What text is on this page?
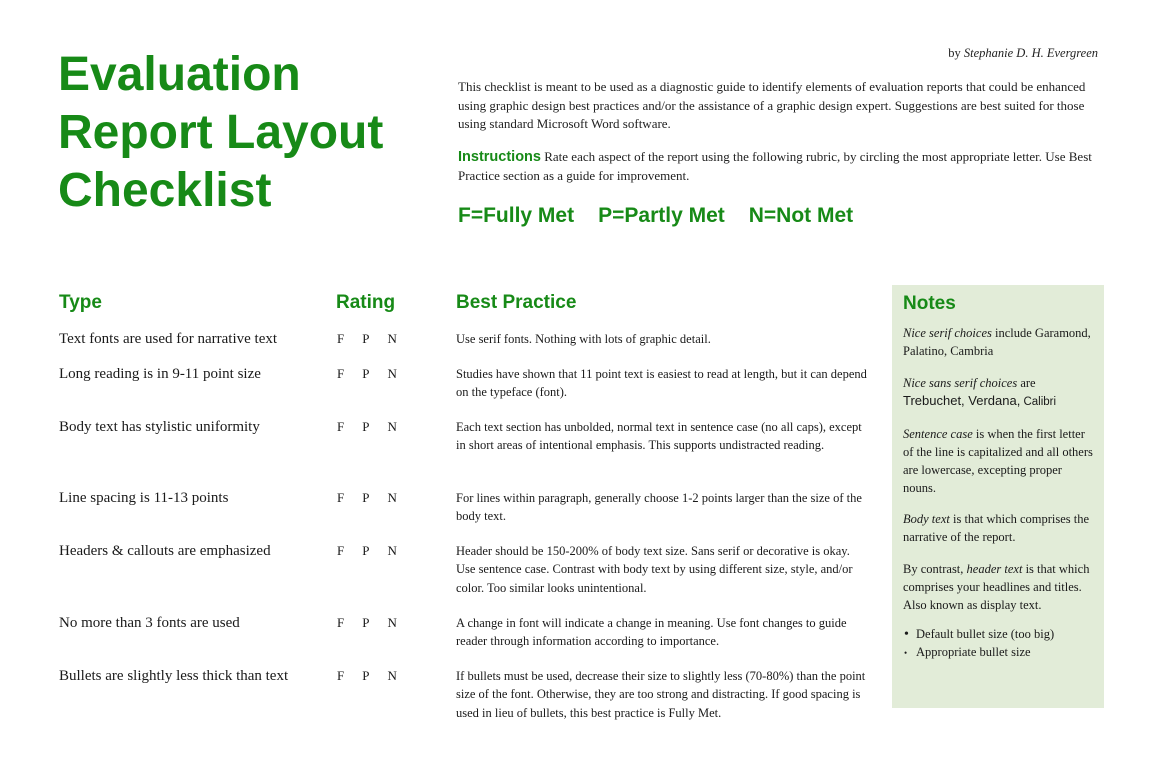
Evaluation
Report Layout
Checklist
by Stephanie D. H. Evergreen
This checklist is meant to be used as a diagnostic guide to identify elements of evaluation reports that could be enhanced using graphic design best practices and/or the assistance of a graphic design expert. Suggestions are best suited for those using standard Microsoft Word software.
Instructions Rate each aspect of the report using the following rubric, by circling the most appropriate letter. Use Best Practice section as a guide for improvement.
F=Fully Met P=Partly Met N=Not Met
Type	Rating	Best Practice
Text fonts are used for narrative text	F P N	Use serif fonts. Nothing with lots of graphic detail.
Long reading is in 9-11 point size	F P N	Studies have shown that 11 point text is easiest to read at length, but it can depend on the typeface (font).
Body text has stylistic uniformity	F P N	Each text section has unbolded, normal text in sentence case (no all caps), except in short areas of intentional emphasis. This supports undistracted reading.
Line spacing is 11-13 points	F P N	For lines within paragraph, generally choose 1-2 points larger than the size of the body text.
Headers & callouts are emphasized	F P N	Header should be 150-200% of body text size. Sans serif or decorative is okay. Use sentence case. Contrast with body text by using different size, style, and/or color. Too similar looks unintentional.
No more than 3 fonts are used	F P N	A change in font will indicate a change in meaning. Use font changes to guide reader through information according to importance.
Bullets are slightly less thick than text	F P N	If bullets must be used, decrease their size to slightly less (70-80%) than the point size of the font. Otherwise, they are too strong and distracting. If good spacing is used in lieu of bullets, this best practice is Fully Met.
Notes

Nice serif choices include Garamond, Palatino, Cambria

Nice sans serif choices are
Trebuchet, Verdana, Calibri

Sentence case is when the first letter of the line is capitalized and all others are lowercase, excepting proper nouns.

Body text is that which comprises the narrative of the report.

By contrast, header text is that which comprises your headlines and titles. Also known as display text.

• Default bullet size (too big)
• Appropriate bullet size
